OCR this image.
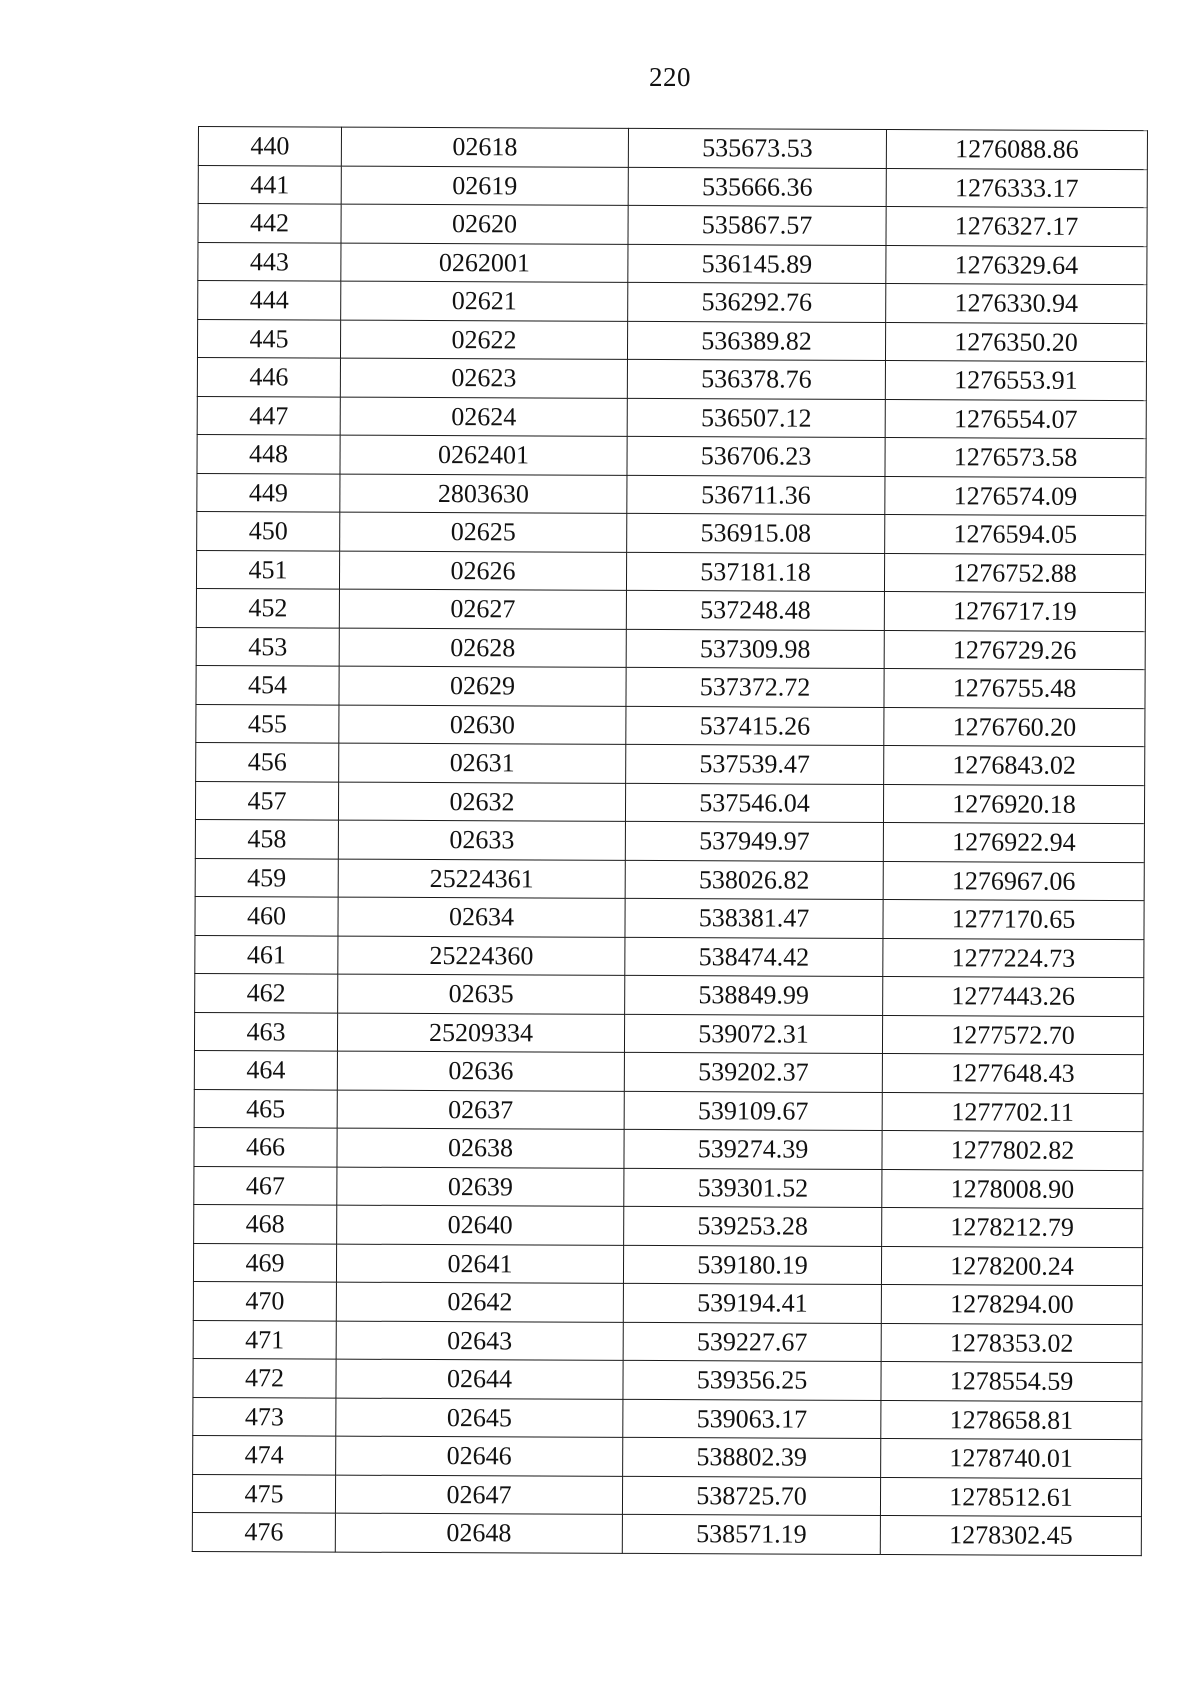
220
440	02618	535673.53	1276088.86
441	02619	535666.36	1276333.17
442	02620	535867.57	1276327.17
443	0262001	536145.89	1276329.64
444	02621	536292.76	1276330.94
445	02622	536389.82	1276350.20
446	02623	536378.76	1276553.91
447	02624	536507.12	1276554.07
448	0262401	536706.23	1276573.58
449	2803630	536711.36	1276574.09
450	02625	536915.08	1276594.05
451	02626	537181.18	1276752.88
452	02627	537248.48	1276717.19
453	02628	537309.98	1276729.26
454	02629	537372.72	1276755.48
455	02630	537415.26	1276760.20
456	02631	537539.47	1276843.02
457	02632	537546.04	1276920.18
458	02633	537949.97	1276922.94
459	25224361	538026.82	1276967.06
460	02634	538381.47	1277170.65
461	25224360	538474.42	1277224.73
462	02635	538849.99	1277443.26
463	25209334	539072.31	1277572.70
464	02636	539202.37	1277648.43
465	02637	539109.67	1277702.11
466	02638	539274.39	1277802.82
467	02639	539301.52	1278008.90
468	02640	539253.28	1278212.79
469	02641	539180.19	1278200.24
470	02642	539194.41	1278294.00
471	02643	539227.67	1278353.02
472	02644	539356.25	1278554.59
473	02645	539063.17	1278658.81
474	02646	538802.39	1278740.01
475	02647	538725.70	1278512.61
476	02648	538571.19	1278302.45
